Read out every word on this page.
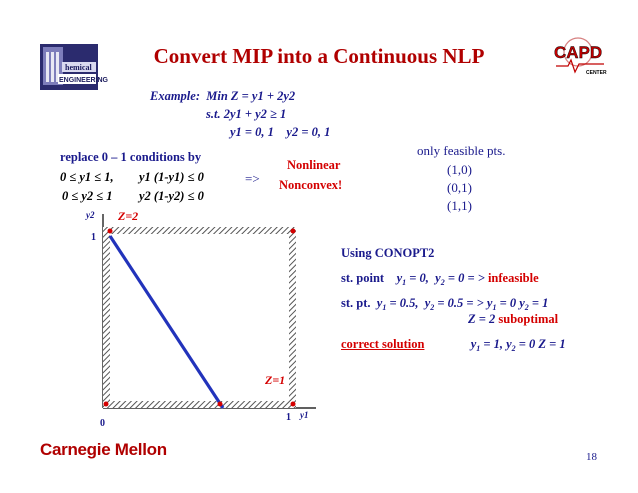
hemical
ENGINEERING
CAPD
CENTER
Convert MIP into a Continuous NLP
Example: Min Z = y1 + 2y2
s.t. 2y1 + y2 ≥ 1
y1 = 0, 1    y2 = 0, 1
replace 0 – 1 conditions by
0 ≤ y1 ≤ 1, y1 (1-y1) ≤ 0
0 ≤ y2 ≤ 1 y2 (1-y2) ≤ 0
=>
Nonlinear
Nonconvex!
only feasible pts.
(1,0)
(0,1)
(1,1)
y2 Z=2
1
Z=1
1 y1
0
Using CONOPT2
st. point $y_1 = 0$, $y_2 = 0$ = > infeasible
st. pt. $y_1 = 0.5$, $y_2 = 0.5$ = > $y_1 = 0$ $y_2 = 1$
Z = 2 suboptimal
correct solution	$y_1 = 1$, $y_2 = 0$ Z = 1
Carnegie Mellon	18
